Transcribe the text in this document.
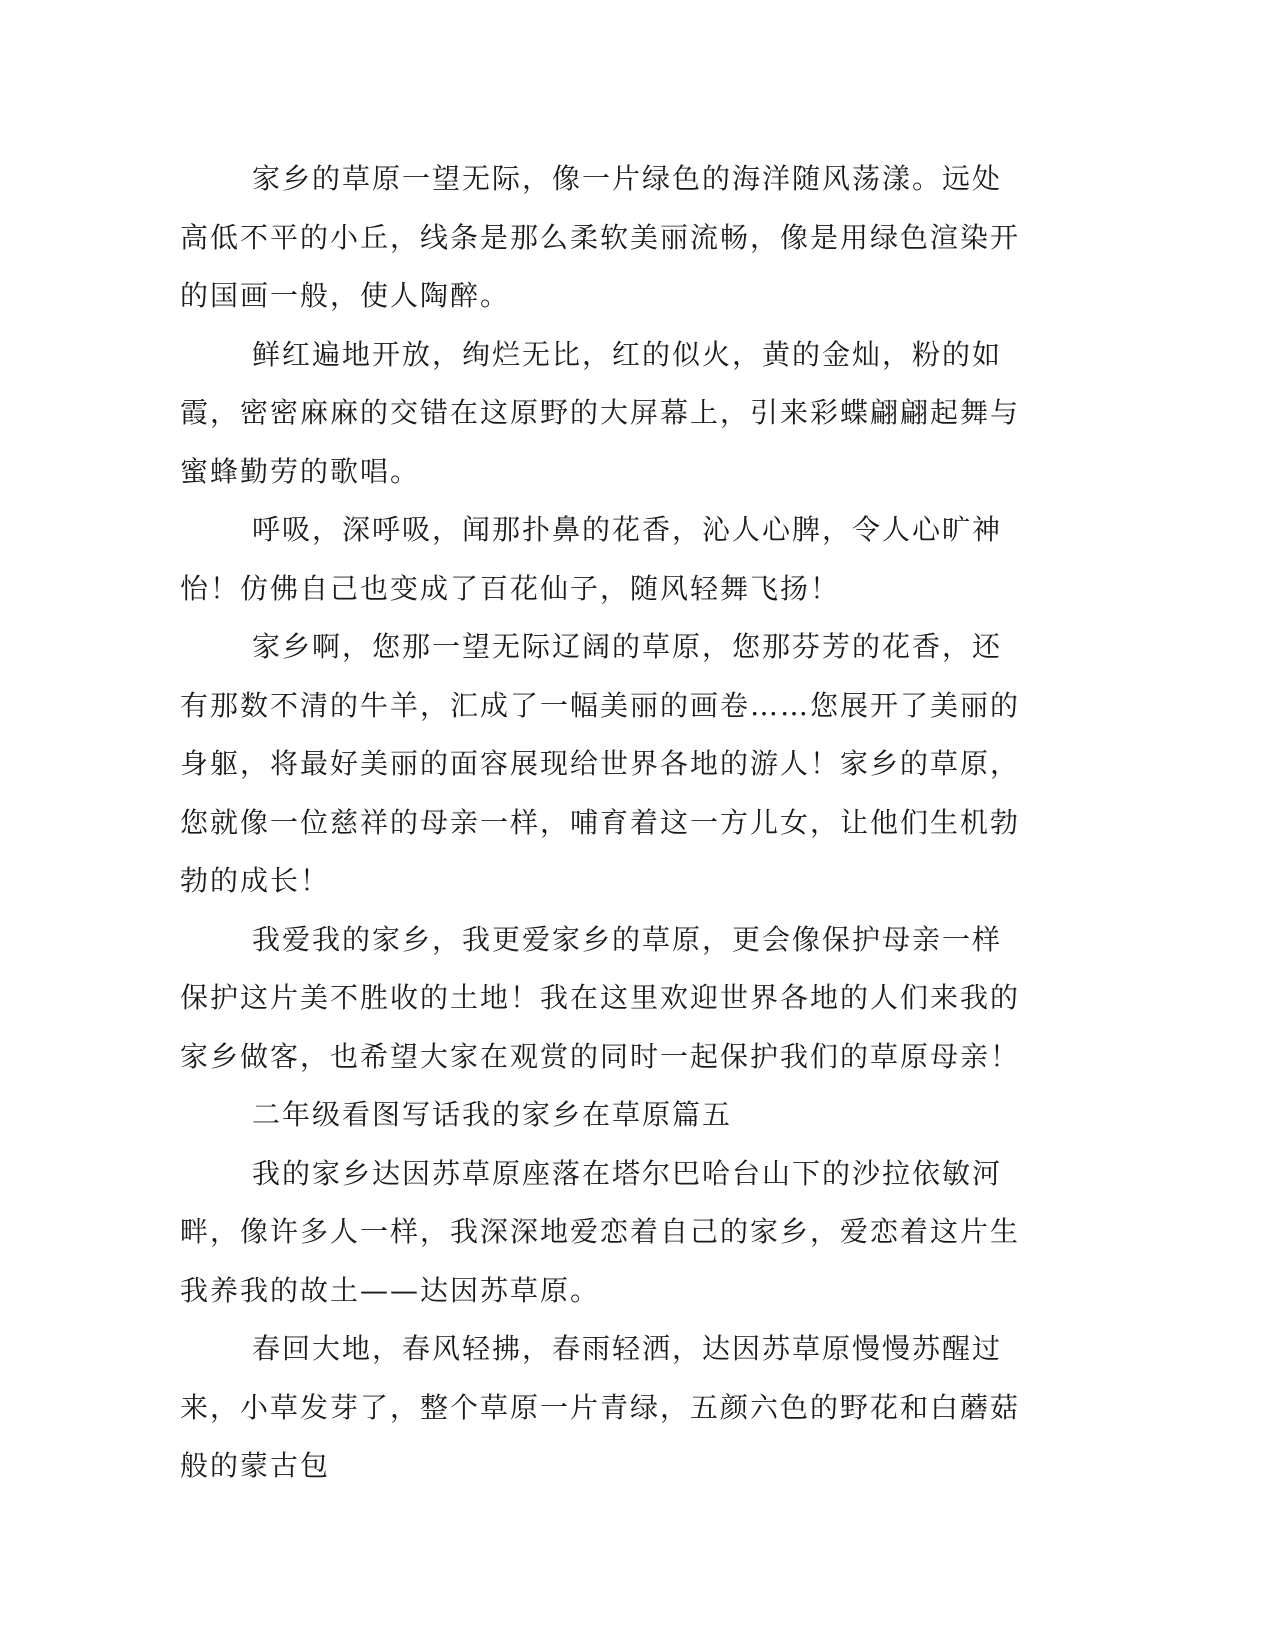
家乡的草原一望无际，像一片绿色的海洋随风荡漾。远处高低不平的小丘，线条是那么柔软美丽流畅，像是用绿色渲染开的国画一般，使人陶醉。

鲜红遍地开放，绚烂无比，红的似火，黄的金灿，粉的如霞，密密麻麻的交错在这原野的大屏幕上，引来彩蝶翩翩起舞与蜜蜂勤劳的歌唱。

呼吸，深呼吸，闻那扑鼻的花香，沁人心脾，令人心旷神怡！仿佛自己也变成了百花仙子，随风轻舞飞扬！

家乡啊，您那一望无际辽阔的草原，您那芬芳的花香，还有那数不清的牛羊，汇成了一幅美丽的画卷……您展开了美丽的身躯，将最好美丽的面容展现给世界各地的游人！家乡的草原，您就像一位慈祥的母亲一样，哺育着这一方儿女，让他们生机勃勃的成长！

我爱我的家乡，我更爱家乡的草原，更会像保护母亲一样保护这片美不胜收的土地！我在这里欢迎世界各地的人们来我的家乡做客，也希望大家在观赏的同时一起保护我们的草原母亲！

二年级看图写话我的家乡在草原篇五

我的家乡达因苏草原座落在塔尔巴哈台山下的沙拉依敏河畔，像许多人一样，我深深地爱恋着自己的家乡，爱恋着这片生我养我的故土——达因苏草原。

春回大地，春风轻拂，春雨轻洒，达因苏草原慢慢苏醒过来，小草发芽了，整个草原一片青绿，五颜六色的野花和白蘑菇般的蒙古包
